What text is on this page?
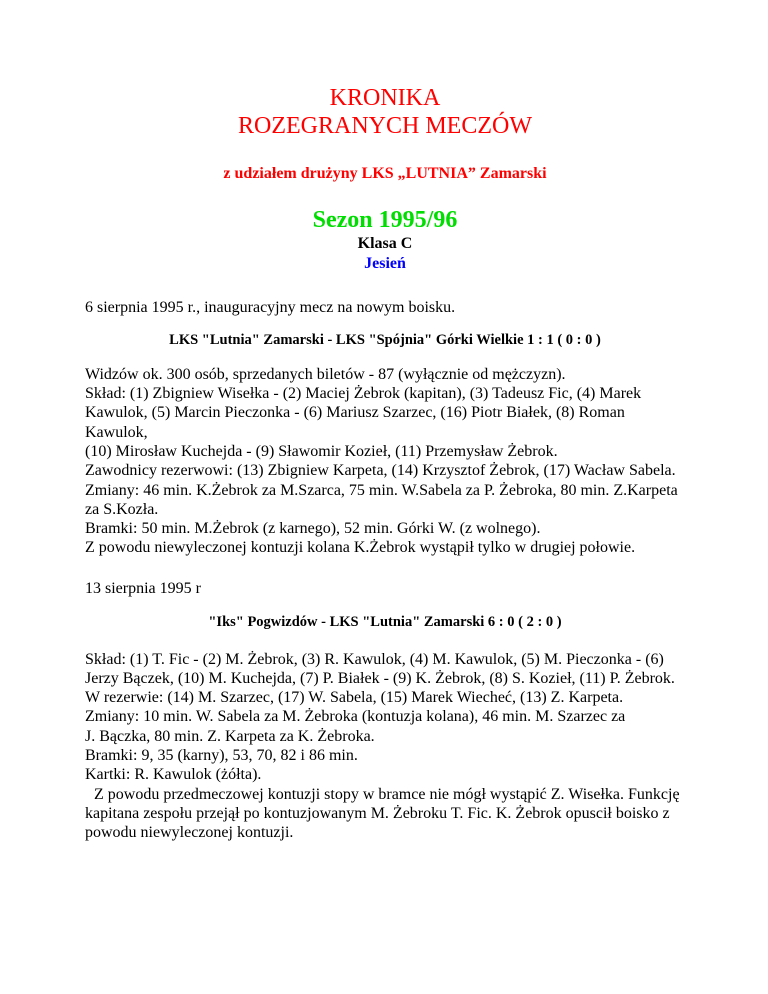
KRONIKA
ROZEGRANYCH MECZÓW
z udziałem drużyny LKS „LUTNIA” Zamarski
Sezon 1995/96
Klasa C
Jesień

6 sierpnia 1995 r., inauguracyjny mecz na nowym boisku.

LKS "Lutnia" Zamarski - LKS "Spójnia" Górki Wielkie 1 : 1 ( 0 : 0 )

Widzów ok. 300 osób, sprzedanych biletów - 87 (wyłącznie od mężczyzn).

Skład: (1) Zbigniew Wisełka - (2) Maciej Żebrok (kapitan), (3) Tadeusz Fic, (4) Marek Kawulok, (5) Marcin Pieczonka - (6) Mariusz Szarzec, (16) Piotr Białek, (8) Roman Kawulok,

(10) Mirosław Kuchejda - (9) Sławomir Kozieł, (11) Przemysław Żebrok.

Zawodnicy rezerwowi: (13) Zbigniew Karpeta, (14) Krzysztof Żebrok, (17) Wacław Sabela.

Zmiany: 46 min. K.Żebrok za M.Szarca, 75 min. W.Sabela za P. Żebroka, 80 min. Z.Karpeta za S.Kozła.

Bramki: 50 min. M.Żebrok (z karnego), 52 min. Górki W. (z wolnego).

Z powodu niewyleczonej kontuzji kolana K.Żebrok wystąpił tylko w drugiej połowie.

13 sierpnia 1995 r

"Iks" Pogwizdów - LKS "Lutnia" Zamarski 6 : 0 ( 2 : 0 )

Skład: (1) T. Fic - (2) M. Żebrok, (3) R. Kawulok, (4) M. Kawulok, (5) M. Pieczonka - (6) Jerzy Bączek, (10) M. Kuchejda, (7) P. Białek - (9) K. Żebrok, (8) S. Kozieł, (11) P. Żebrok.

W rezerwie: (14) M. Szarzec, (17) W. Sabela, (15) Marek Wiecheć, (13) Z. Karpeta.

Zmiany: 10 min. W. Sabela za M. Żebroka (kontuzja kolana), 46 min. M. Szarzec za

J. Bączka, 80 min. Z. Karpeta za K. Żebroka.

Bramki: 9, 35 (karny), 53, 70, 82 i 86 min.

Kartki: R. Kawulok (żółta).

Z powodu przedmeczowej kontuzji stopy w bramce nie mógł wystąpić Z. Wisełka. Funkcję kapitana zespołu przejął po kontuzjowanym M. Żebroku T. Fic. K. Żebrok opuscił boisko z powodu niewyleczonej kontuzji.
